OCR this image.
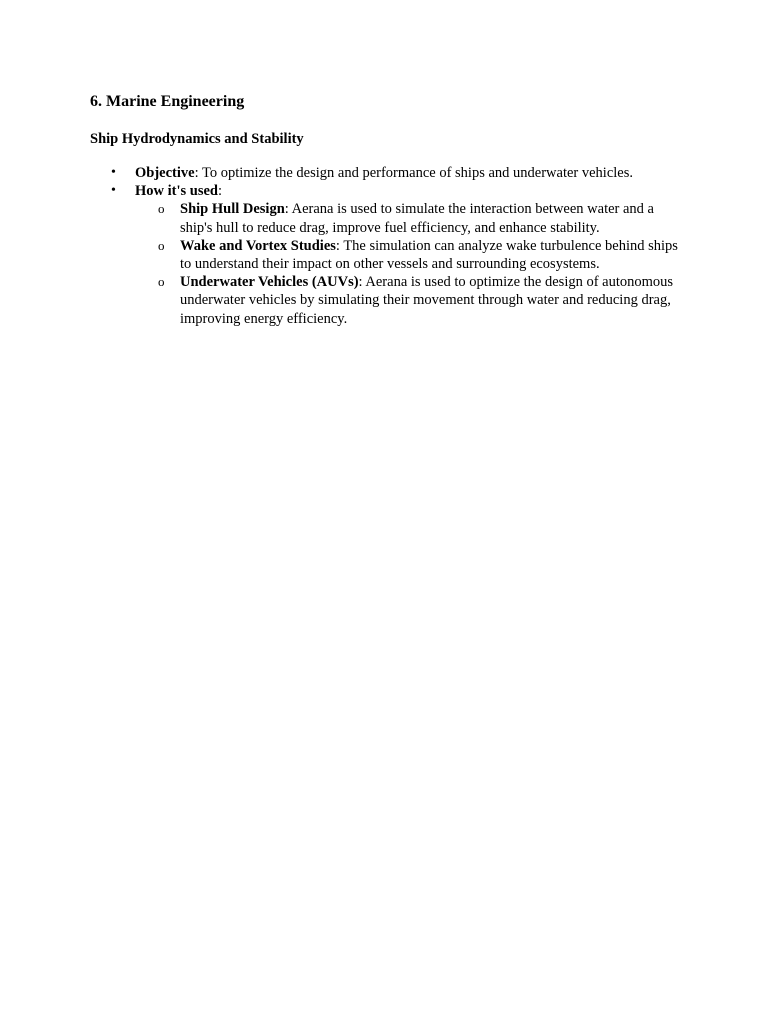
6. Marine Engineering
Ship Hydrodynamics and Stability
• Objective: To optimize the design and performance of ships and underwater vehicles.
• How it's used:
o Ship Hull Design: Aerana is used to simulate the interaction between water and a ship's hull to reduce drag, improve fuel efficiency, and enhance stability.
o Wake and Vortex Studies: The simulation can analyze wake turbulence behind ships to understand their impact on other vessels and surrounding ecosystems.
o Underwater Vehicles (AUVs): Aerana is used to optimize the design of autonomous underwater vehicles by simulating their movement through water and reducing drag, improving energy efficiency.
